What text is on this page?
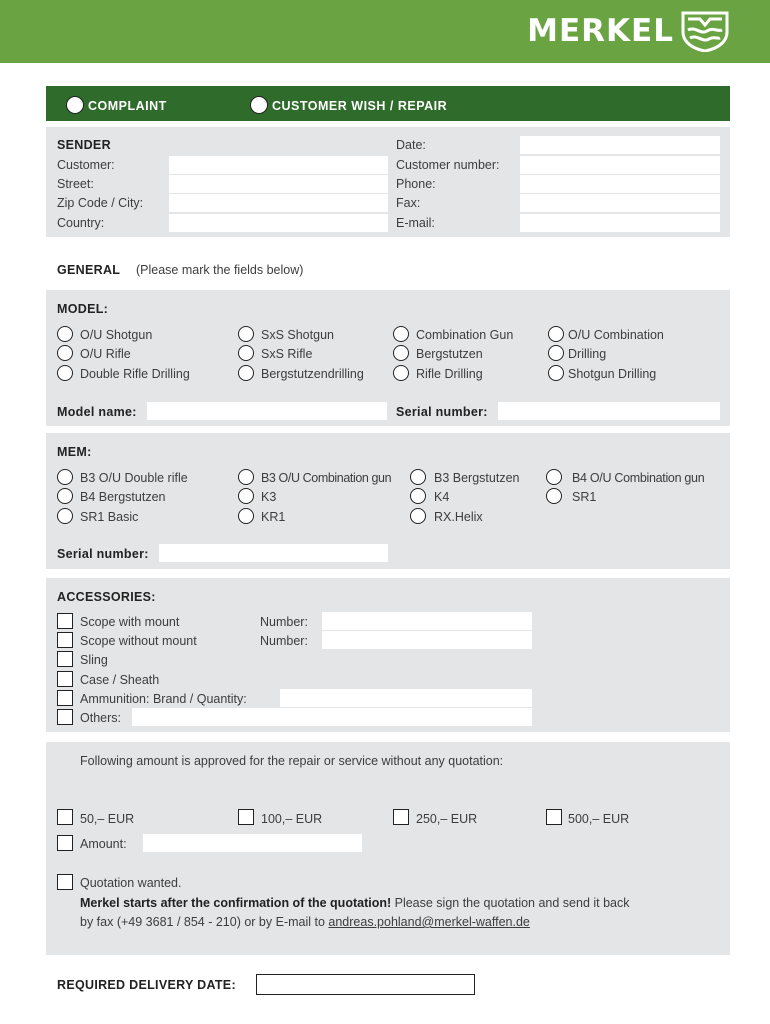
MERKEL
COMPLAINT	CUSTOMER WISH / REPAIR
SENDER
Customer:
Street:
Zip Code / City:
Country:
Date:
Customer number:
Phone:
Fax:
E-mail:
GENERAL (Please mark the fields below)
MODEL:
O/U Shotgun
O/U Rifle
Double Rifle Drilling
SxS Shotgun
SxS Rifle
Bergstutzendrilling
Combination Gun
Bergstutzen
Rifle Drilling
O/U Combination
Drilling
Shotgun Drilling
Model name:	Serial number:
MEM:
B3 O/U Double rifle
B4 Bergstutzen
SR1 Basic
B3 O/U Combination gun
K3
KR1
B3 Bergstutzen
K4
RX.Helix
B4 O/U Combination gun
SR1
Serial number:
ACCESSORIES:
Scope with mount	Number:
Scope without mount	Number:
Sling
Case / Sheath
Ammunition: Brand / Quantity:
Others:
Following amount is approved for the repair or service without any quotation:
50,– EUR	100,– EUR	250,– EUR	500,– EUR
Amount:
Quotation wanted.
Merkel starts after the confirmation of the quotation! Please sign the quotation and send it back
by fax (+49 3681 / 854 - 210) or by E-mail to andreas.pohland@merkel-waffen.de
REQUIRED DELIVERY DATE:
